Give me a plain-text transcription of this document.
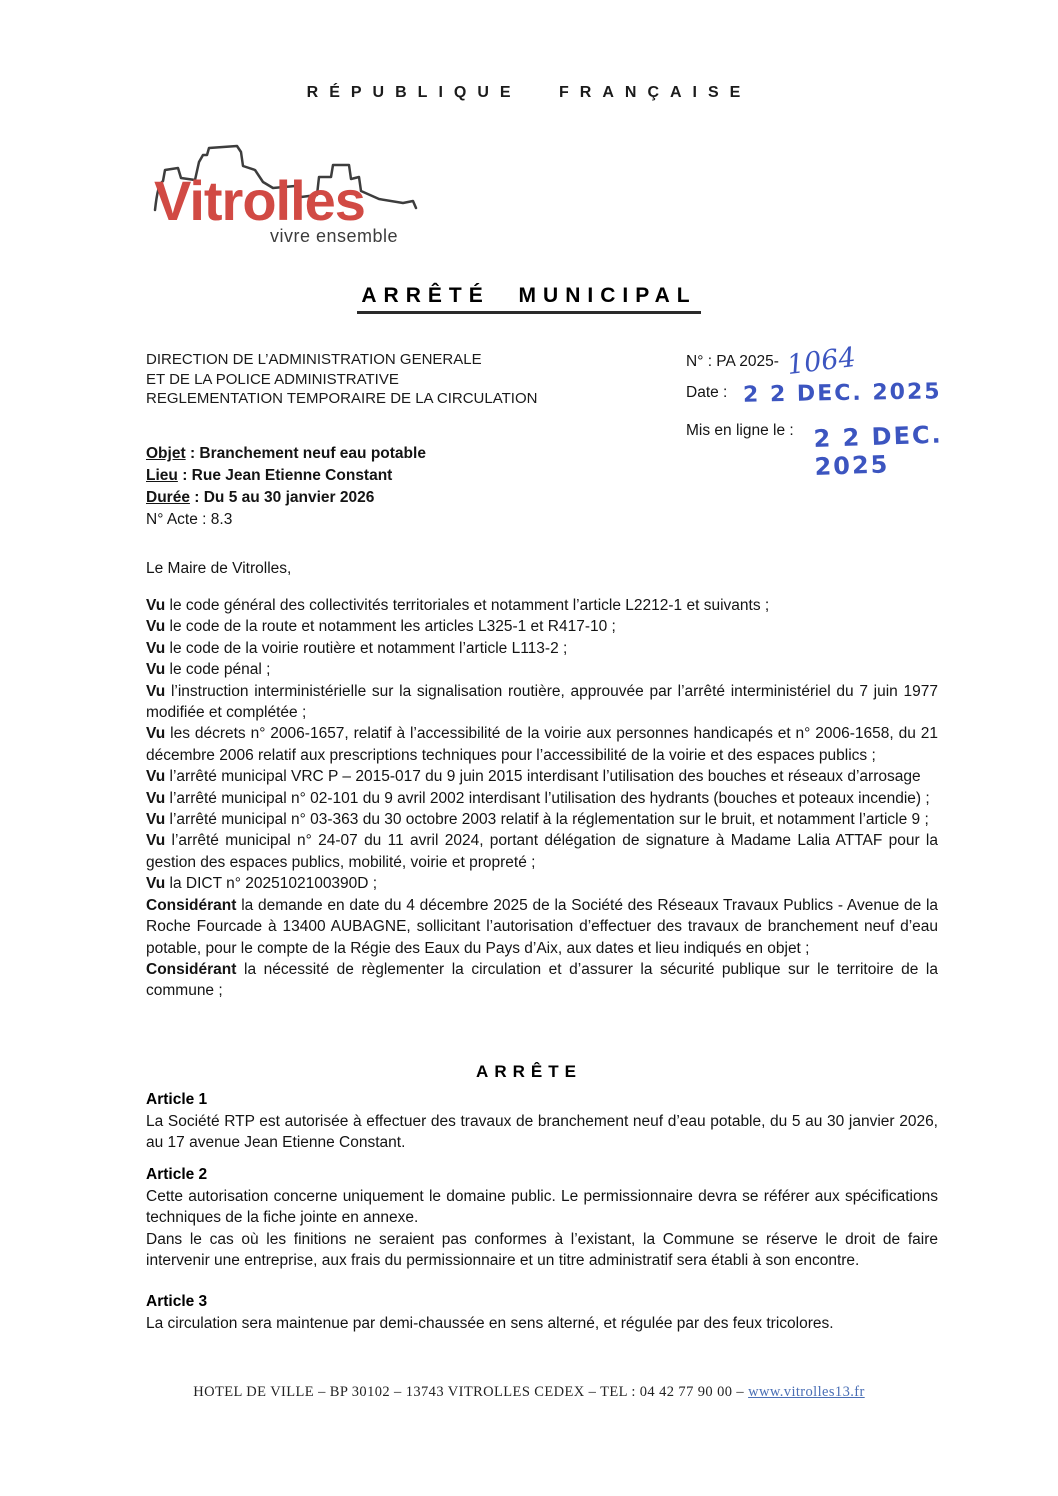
RÉPUBLIQUE FRANÇAISE
Vitrolles
vivre ensemble
ARRÊTÉ MUNICIPAL
DIRECTION DE L’ADMINISTRATION GENERALE
ET DE LA POLICE ADMINISTRATIVE
REGLEMENTATION TEMPORAIRE DE LA CIRCULATION
N° : PA 2025- 1064
Date : 2 2 DEC. 2025
Mis en ligne le : 2 2 DEC. 2025
Objet : Branchement neuf eau potable
Lieu : Rue Jean Etienne Constant
Durée : Du 5 au 30 janvier 2026
N° Acte : 8.3
Le Maire de Vitrolles,

Vu le code général des collectivités territoriales et notamment l’article L2212-1 et suivants ;

Vu le code de la route et notamment les articles L325-1 et R417-10 ;

Vu le code de la voirie routière et notamment l’article L113-2 ;

Vu le code pénal ;

Vu l’instruction interministérielle sur la signalisation routière, approuvée par l’arrêté interministériel du 7 juin 1977 modifiée et complétée ;

Vu les décrets n° 2006-1657, relatif à l’accessibilité de la voirie aux personnes handicapés et n° 2006-1658, du 21 décembre 2006 relatif aux prescriptions techniques pour l’accessibilité de la voirie et des espaces publics ;

Vu l’arrêté municipal VRC P – 2015-017 du 9 juin 2015 interdisant l’utilisation des bouches et réseaux d’arrosage

Vu l’arrêté municipal n° 02-101 du 9 avril 2002 interdisant l’utilisation des hydrants (bouches et poteaux incendie) ;

Vu l’arrêté municipal n° 03-363 du 30 octobre 2003 relatif à la réglementation sur le bruit, et notamment l’article 9 ;

Vu l’arrêté municipal n° 24-07 du 11 avril 2024, portant délégation de signature à Madame Lalia ATTAF pour la gestion des espaces publics, mobilité, voirie et propreté ;

Vu la DICT n° 2025102100390D ;

Considérant la demande en date du 4 décembre 2025 de la Société des Réseaux Travaux Publics - Avenue de la Roche Fourcade à 13400 AUBAGNE, sollicitant l’autorisation d’effectuer des travaux de branchement neuf d’eau potable, pour le compte de la Régie des Eaux du Pays d’Aix, aux dates et lieu indiqués en objet ;

Considérant la nécessité de règlementer la circulation et d’assurer la sécurité publique sur le territoire de la commune ;

ARRÊTE
Article 1

La Société RTP est autorisée à effectuer des travaux de branchement neuf d’eau potable, du 5 au 30 janvier 2026, au 17 avenue Jean Etienne Constant.

Article 2

Cette autorisation concerne uniquement le domaine public. Le permissionnaire devra se référer aux spécifications techniques de la fiche jointe en annexe.

Dans le cas où les finitions ne seraient pas conformes à l’existant, la Commune se réserve le droit de faire intervenir une entreprise, aux frais du permissionnaire et un titre administratif sera établi à son encontre.

Article 3

La circulation sera maintenue par demi-chaussée en sens alterné, et régulée par des feux tricolores.

HOTEL DE VILLE – BP 30102 – 13743 VITROLLES CEDEX – TEL : 04 42 77 90 00 – www.vitrolles13.fr
